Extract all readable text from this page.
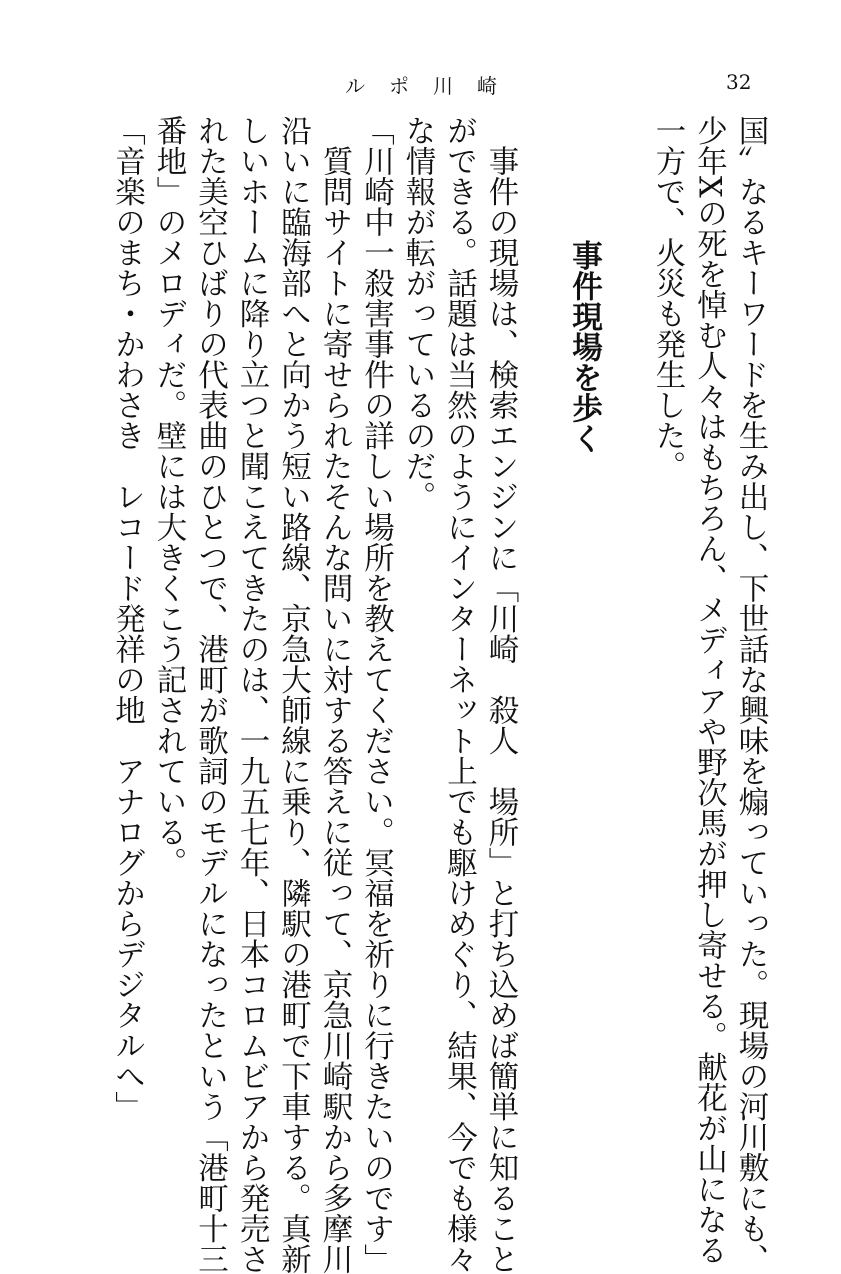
ルポ川崎	32
国〟なるキーワードを生み出し、下世話な興味を煽っていった。現場の河川敷にも、
少年Xの死を悼む人々はもちろん、メディアや野次馬が押し寄せる。献花が山になる
一方で、火災も発生した。
事件現場を歩く
　事件の現場は、検索エンジンに「川崎　殺人　場所」と打ち込めば簡単に知ること
ができる。話題は当然のようにインターネット上でも駆けめぐり、結果、今でも様々
な情報が転がっているのだ。
「川崎中一殺害事件の詳しい場所を教えてください。冥福を祈りに行きたいのです」
　質問サイトに寄せられたそんな問いに対する答えに従って、京急川崎駅から多摩川
沿いに臨海部へと向かう短い路線、京急大師線に乗り、隣駅の港町で下車する。真新
しいホームに降り立つと聞こえてきたのは、一九五七年、日本コロムビアから発売さ
れた美空ひばりの代表曲のひとつで、港町が歌詞のモデルになったという「港町十三
番地」のメロディだ。壁には大きくこう記されている。
「音楽のまち・かわさき　レコード発祥の地　アナログからデジタルへ」
